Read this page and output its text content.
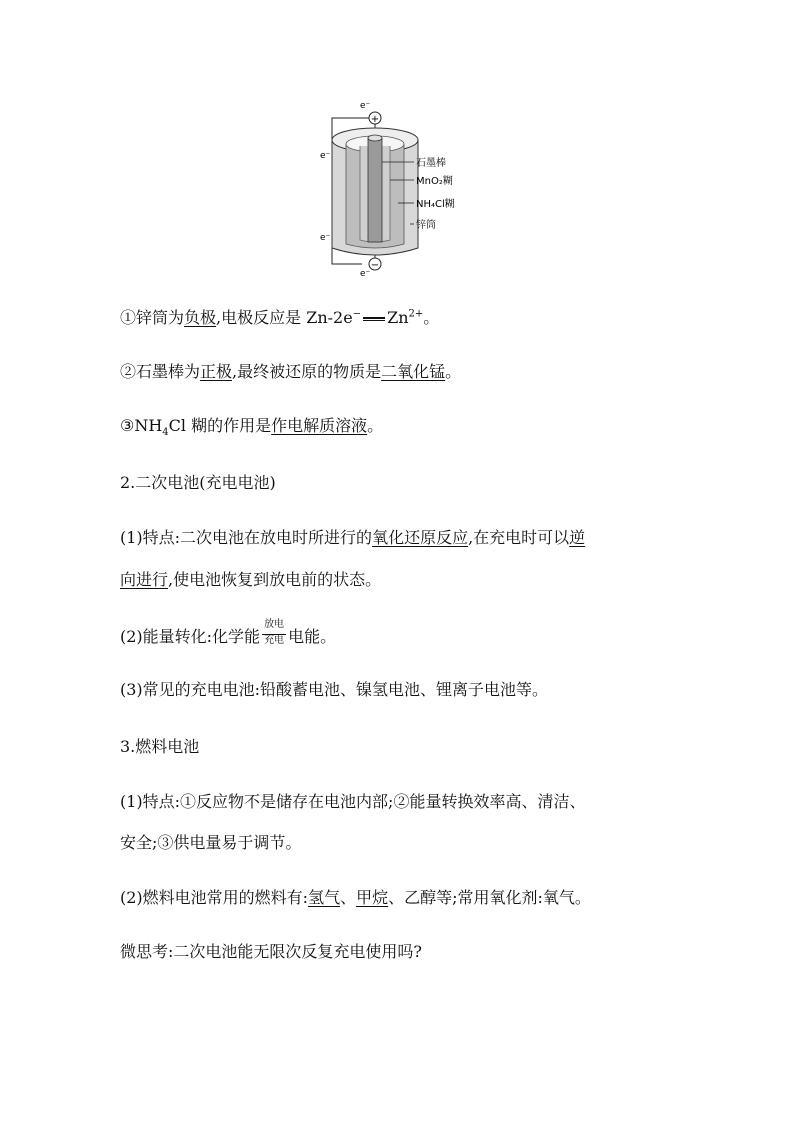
+
−
e⁻
e⁻
e⁻
e⁻
石墨棒
MnO₂糊
NH₄Cl糊
锌筒
①锌筒为负极,电极反应是 Zn-2e− $Zn^{2+}$。
②石墨棒为正极,最终被还原的物质是二氧化锰。
$③NH_4Cl$ 糊的作用是作电解质溶液。
2.二次电池(充电电池)
(1)特点:二次电池在放电时所进行的氧化还原反应,在充电时可以逆
向进行,使电池恢复到放电前的状态。
(2)能量转化:化学能 $\frac{\text{放电}}{\text{充电}}$ 电能。
(3)常见的充电电池:铅酸蓄电池、镍氢电池、锂离子电池等。
3.燃料电池
(1)特点:①反应物不是储存在电池内部;②能量转换效率高、清洁、
安全;③供电量易于调节。
(2)燃料电池常用的燃料有:氢气、甲烷、乙醇等;常用氧化剂:氧气。
微思考:二次电池能无限次反复充电使用吗?
